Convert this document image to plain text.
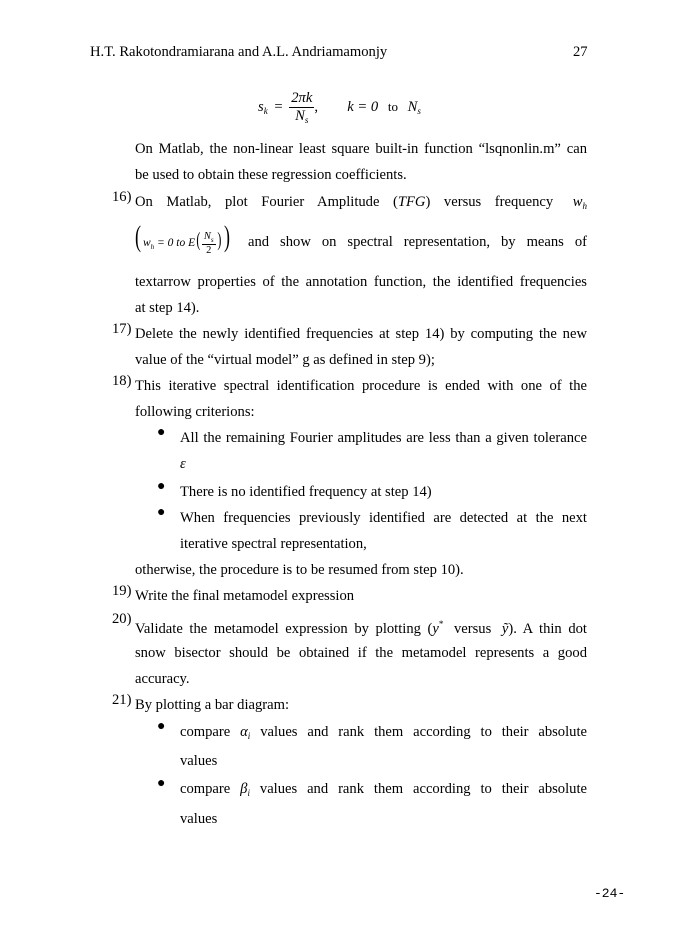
H.T. Rakotondramiarana and A.L. Andriamamonjy	27
$s_k = \frac{2\pi k}{N_s}$ ,  k = 0 to $N_s$
On Matlab, the non-linear least square built-in function “lsqnonlin.m” can
be used to obtain these regression coefficients.
16) On Matlab, plot Fourier Amplitude (TFG) versus frequency $w_h$
( $w_h = 0$ to $E( \frac{N_s}{2}$ ) ) and show on spectral representation, by means of
textarrow properties of the annotation function, the identified frequencies
at step 14).
17) Delete the newly identified frequencies at step 14) by computing the new
value of the “virtual model” g as defined in step 9);
18) This iterative spectral identification procedure is ended with one of the
following criterions:
● All the remaining Fourier amplitudes are less than a given tolerance
ε
● There is no identified frequency at step 14)
● When frequencies previously identified are detected at the next
iterative spectral representation,
otherwise, the procedure is to be resumed from step 10).
19) Write the final metamodel expression
20)
Validate the metamodel expression by plotting (y* versus ỹ). A thin dot
snow bisector should be obtained if the metamodel represents a good
accuracy.
21) By plotting a bar diagram:
● compare $\alpha_i$ values and rank them according to their absolute
values
● compare $\beta_i$ values and rank them according to their absolute
values
-24-
